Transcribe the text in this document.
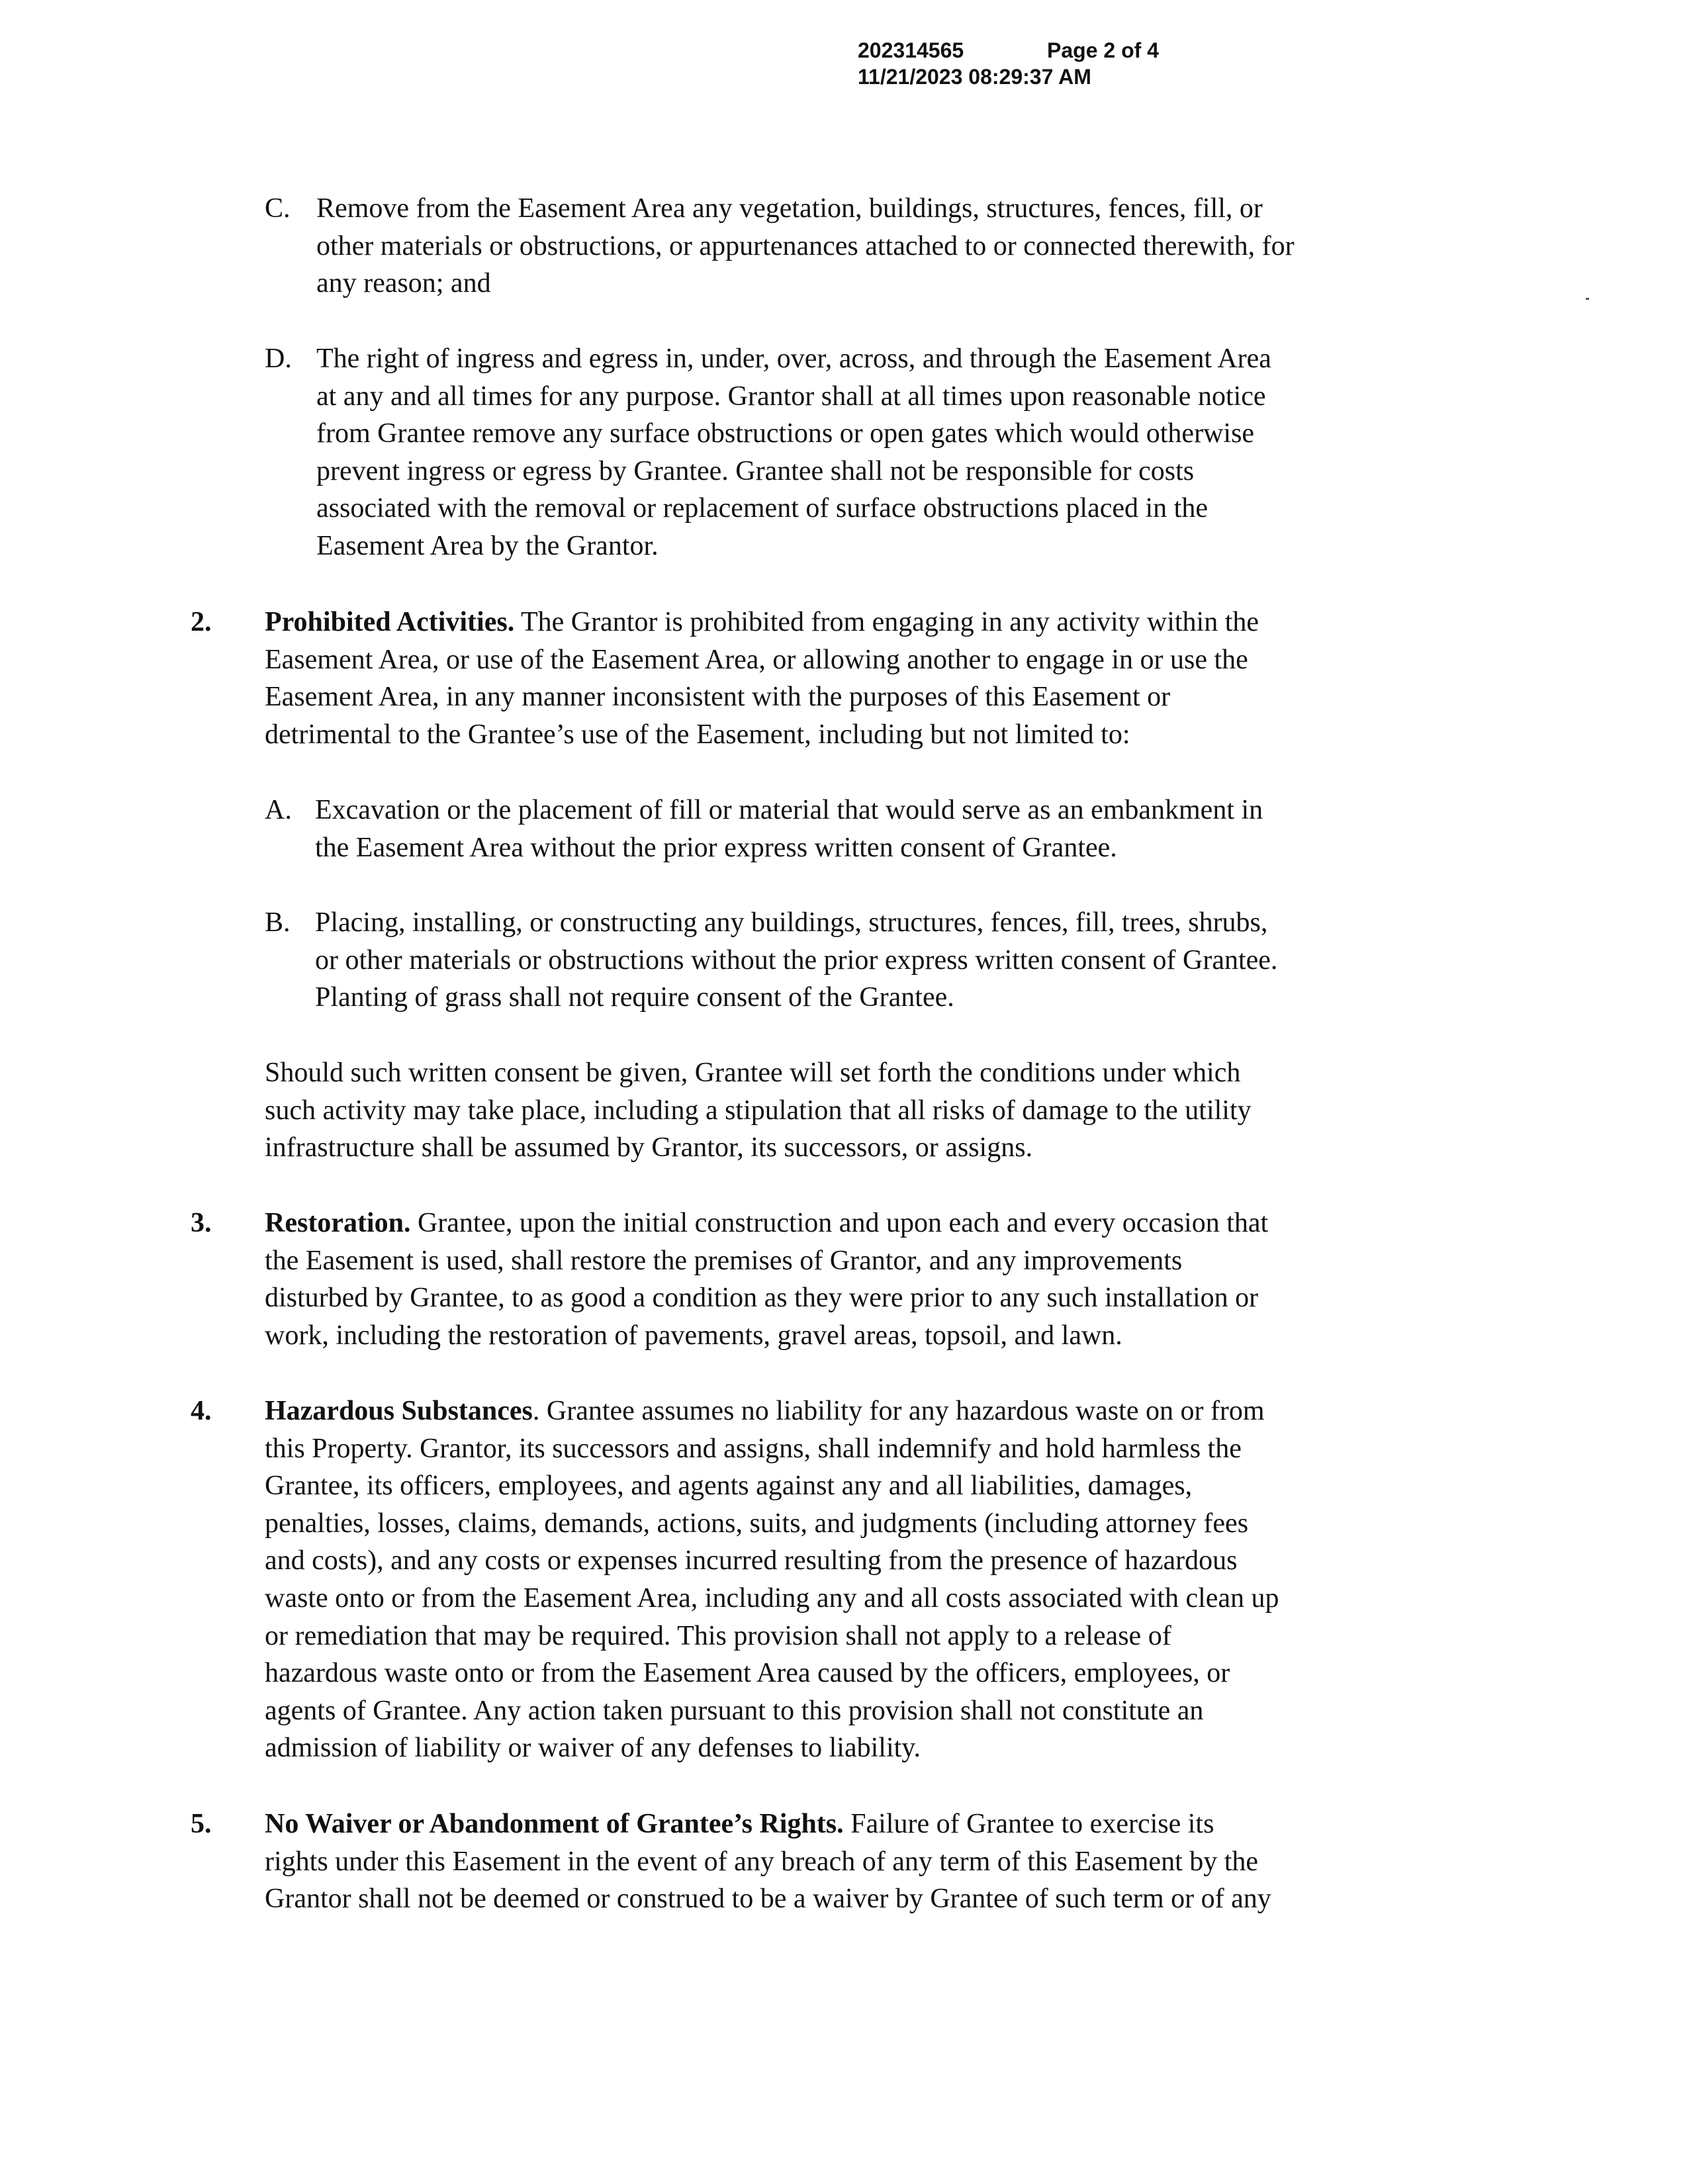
202314565	Page 2 of 4
11/21/2023 08:29:37 AM
C. Remove from the Easement Area any vegetation, buildings, structures, fences, fill, or
other materials or obstructions, or appurtenances attached to or connected therewith, for
any reason; and
D. The right of ingress and egress in, under, over, across, and through the Easement Area
at any and all times for any purpose. Grantor shall at all times upon reasonable notice
from Grantee remove any surface obstructions or open gates which would otherwise
prevent ingress or egress by Grantee. Grantee shall not be responsible for costs
associated with the removal or replacement of surface obstructions placed in the
Easement Area by the Grantor.
2. Prohibited Activities. The Grantor is prohibited from engaging in any activity within the
Easement Area, or use of the Easement Area, or allowing another to engage in or use the
Easement Area, in any manner inconsistent with the purposes of this Easement or
detrimental to the Grantee’s use of the Easement, including but not limited to:
A. Excavation or the placement of fill or material that would serve as an embankment in
the Easement Area without the prior express written consent of Grantee.
B. Placing, installing, or constructing any buildings, structures, fences, fill, trees, shrubs,
or other materials or obstructions without the prior express written consent of Grantee.
Planting of grass shall not require consent of the Grantee.
Should such written consent be given, Grantee will set forth the conditions under which
such activity may take place, including a stipulation that all risks of damage to the utility
infrastructure shall be assumed by Grantor, its successors, or assigns.
3. Restoration. Grantee, upon the initial construction and upon each and every occasion that
the Easement is used, shall restore the premises of Grantor, and any improvements
disturbed by Grantee, to as good a condition as they were prior to any such installation or
work, including the restoration of pavements, gravel areas, topsoil, and lawn.
4. Hazardous Substances. Grantee assumes no liability for any hazardous waste on or from
this Property. Grantor, its successors and assigns, shall indemnify and hold harmless the
Grantee, its officers, employees, and agents against any and all liabilities, damages,
penalties, losses, claims, demands, actions, suits, and judgments (including attorney fees
and costs), and any costs or expenses incurred resulting from the presence of hazardous
waste onto or from the Easement Area, including any and all costs associated with clean up
or remediation that may be required. This provision shall not apply to a release of
hazardous waste onto or from the Easement Area caused by the officers, employees, or
agents of Grantee. Any action taken pursuant to this provision shall not constitute an
admission of liability or waiver of any defenses to liability.
5. No Waiver or Abandonment of Grantee’s Rights. Failure of Grantee to exercise its
rights under this Easement in the event of any breach of any term of this Easement by the
Grantor shall not be deemed or construed to be a waiver by Grantee of such term or of any
